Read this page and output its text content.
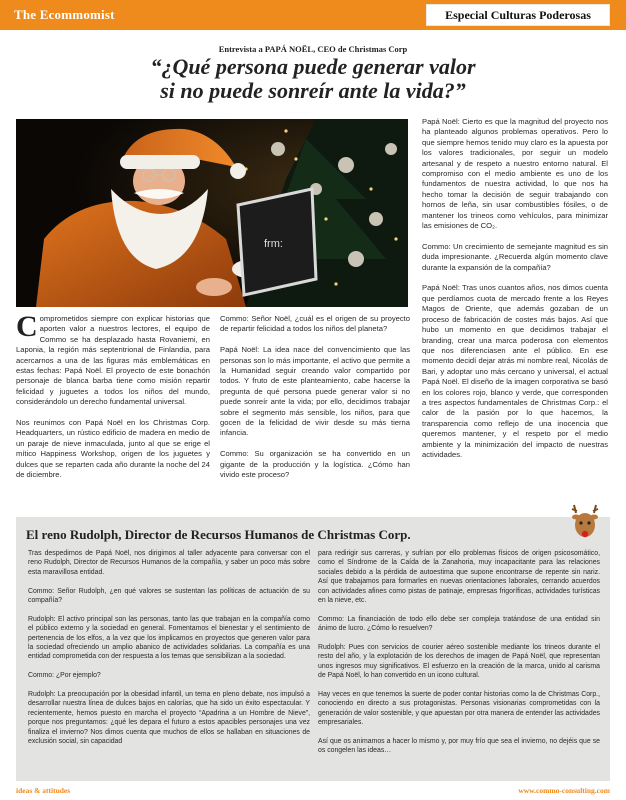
The Ecommomist	Especial Culturas Poderosas
Entrevista a PAPÁ NOËL, CEO de Christmas Corp
“¿Qué persona puede generar valor
si no puede sonreír ante la vida?”
frm:

Comprometidos siempre con explicar historias que aporten valor a nuestros lectores, el equipo de Commo se ha desplazado hasta Rovaniemi, en Laponia, la región más septentrional de Finlandia, para acercarnos a una de las figuras más emblemáticas en estas fechas: Papá Noël. El proyecto de este bonachón personaje de blanca barba tiene como misión repartir felicidad y juguetes a todos los niños del mundo, considerándolo un derecho fundamental universal.

Nos reunimos con Papá Noël en los Christmas Corp. Headquarters, un rústico edificio de madera en medio de un paraje de nieve inmaculada, junto al que se erige el mítico Happiness Workshop, origen de los juguetes y dulces que se reparten cada año durante la noche del 24 de diciembre.

Commo: Señor Noël, ¿cuál es el origen de su proyecto de repartir felicidad a todos los niños del planeta?

Papá Noël: La idea nace del convencimiento que las personas son lo más importante, el activo que permite a la Humanidad seguir creando valor compartido por todos. Y fruto de este planteamiento, cabe hacerse la pregunta de qué persona puede generar valor si no puede sonreír ante la vida; por ello, decidimos trabajar sobre el segmento más sensible, los niños, para que gocen de la felicidad de vivir desde su más tierna infancia.

Commo: Su organización se ha convertido en un gigante de la producción y la logística. ¿Cómo han vivido este proceso?

Papá Noël: Cierto es que la magnitud del proyecto nos ha planteado algunos problemas operativos. Pero lo que siempre hemos tenido muy claro es la apuesta por los valores tradicionales, por seguir un modelo artesanal y de respeto a nuestro entorno natural. El compromiso con el medio ambiente es uno de los fundamentos de nuestra actividad, lo que nos ha hecho tomar la decisión de seguir trabajando con hornos de leña, sin usar combustibles fósiles, o de mantener los trineos como vehículos, para minimizar las emisiones de CO₂.

Commo: Un crecimiento de semejante magnitud es sin duda impresionante. ¿Recuerda algún momento clave durante la expansión de la compañía?

Papá Noël: Tras unos cuantos años, nos dimos cuenta que perdíamos cuota de mercado frente a los Reyes Magos de Oriente, que además gozaban de un proceso de fabricación de costes más bajos. Así que hubo un momento en que decidimos trabajar el branding, crear una marca poderosa con elementos que nos diferenciasen ante el público. En ese momento decidí dejar atrás mi nombre real, Nicolás de Bari, y adoptar uno más cercano y universal, el actual Papá Noël. El diseño de la imagen corporativa se basó en los colores rojo, blanco y verde, que corresponden a tres aspectos fundamentales de Christmas Corp.: el calor de la pasión por lo que hacemos, la transparencia como reflejo de una inocencia que queremos mantener, y el respeto por el medio ambiente y la minimización del impacto de nuestras actividades.

El reno Rudolph, Director de Recursos Humanos de Christmas Corp.

Tras despedirnos de Papá Noël, nos dirigimos al taller adyacente para conversar con el reno Rudolph, Director de Recursos Humanos de la compañía, y saber un poco más sobre esta maravillosa entidad.

Commo: Señor Rudolph, ¿en qué valores se sustentan las políticas de actuación de su compañía?

Rudolph: El activo principal son las personas, tanto las que trabajan en la compañía como el público externo y la sociedad en general. Fomentamos el bienestar y el sentimiento de pertenencia de los elfos, a la vez que los implicamos en proyectos que generen valor para la sociedad ofreciendo un amplio abanico de actividades solidarias. La compañía es una entidad comprometida con der respuesta a los temas que sensibilizan a la sociedad.

Commo: ¿Por ejemplo?

Rudolph: La preocupación por la obesidad infantil, un tema en pleno debate, nos impulsó a desarrollar nuestra línea de dulces bajos en calorías, que ha sido un éxito espectacular. Y recientemente, hemos puesto en marcha el proyecto “Apadrina a un Hombre de Nieve”, porque nos preguntamos: ¿qué les depara el futuro a estos apacibles personajes una vez finaliza el invierno? Nos dimos cuenta que muchos de ellos se hallaban en situaciones de exclusión social, sin capacidad

para redirigir sus carreras, y sufrían por ello problemas físicos de origen psicosomático, como el Síndrome de la Caída de la Zanahoria, muy incapacitante para las relaciones sociales debido a la pérdida de autoestima que supone encontrarse de repente sin nariz. Así que trabajamos para formarles en nuevas orientaciones laborales, cerrando acuerdos con actividades afines como pistas de patinaje, empresas frigoríficas, actividades turísticas en la nieve, etc.

Commo: La financiación de todo ello debe ser compleja tratándose de una entidad sin ánimo de lucro. ¿Cómo lo resuelven?

Rudolph: Pues con servicios de courier aéreo sostenible mediante los trineos durante el resto del año, y la explotación de los derechos de imagen de Papá Noël, que representan unos ingresos muy significativos. El esfuerzo en la creación de la marca, unido al carisma de Papá Noël, lo han convertido en un icono cultural.

Hay veces en que tenemos la suerte de poder contar historias como la de Christmas Corp., conociendo en directo a sus protagonistas. Personas visionarias comprometidas con la generación de valor sostenible, y que apuestan por otra manera de entender las actividades empresariales.

Así que os animamos a hacer lo mismo y, por muy frío que sea el invierno, no dejéis que se os congelen las ideas…

ideas & attitudes	www.commo-consulting.com
